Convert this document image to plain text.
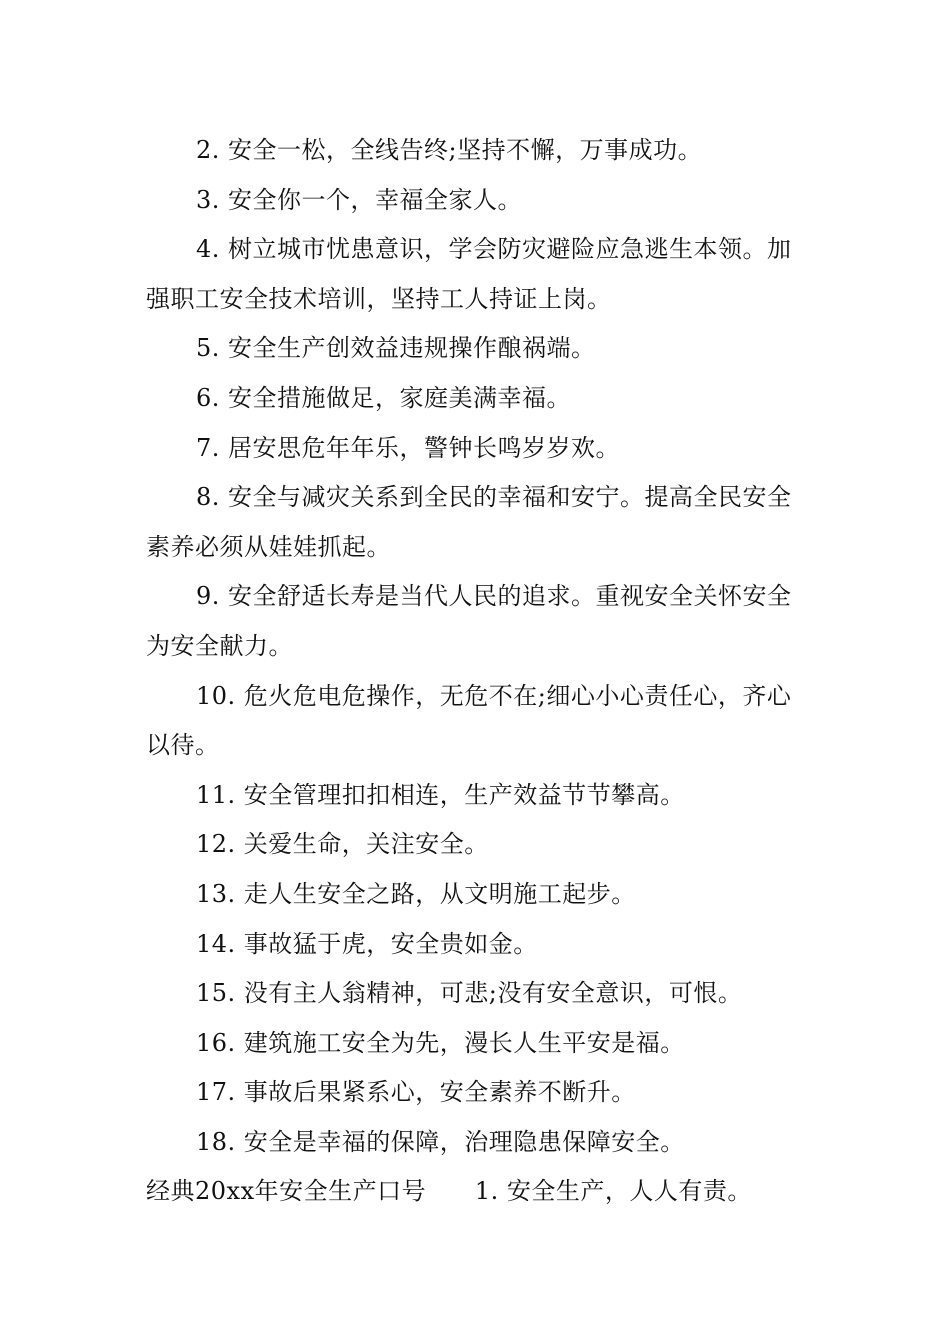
2. 安全一松，全线告终;坚持不懈，万事成功。

3. 安全你一个，幸福全家人。

4. 树立城市忧患意识，学会防灾避险应急逃生本领。加强职工安全技术培训，坚持工人持证上岗。

5. 安全生产创效益违规操作酿祸端。

6. 安全措施做足，家庭美满幸福。

7. 居安思危年年乐，警钟长鸣岁岁欢。

8. 安全与减灾关系到全民的幸福和安宁。提高全民安全素养必须从娃娃抓起。

9. 安全舒适长寿是当代人民的追求。重视安全关怀安全为安全献力。

10. 危火危电危操作，无危不在;细心小心责任心，齐心以待。

11. 安全管理扣扣相连，生产效益节节攀高。

12. 关爱生命，关注安全。

13. 走人生安全之路，从文明施工起步。

14. 事故猛于虎，安全贵如金。

15. 没有主人翁精神，可悲;没有安全意识，可恨。

16. 建筑施工安全为先，漫长人生平安是福。

17. 事故后果紧系心，安全素养不断升。

18. 安全是幸福的保障，治理隐患保障安全。

经典20xx年安全生产口号      1. 安全生产，人人有责。
